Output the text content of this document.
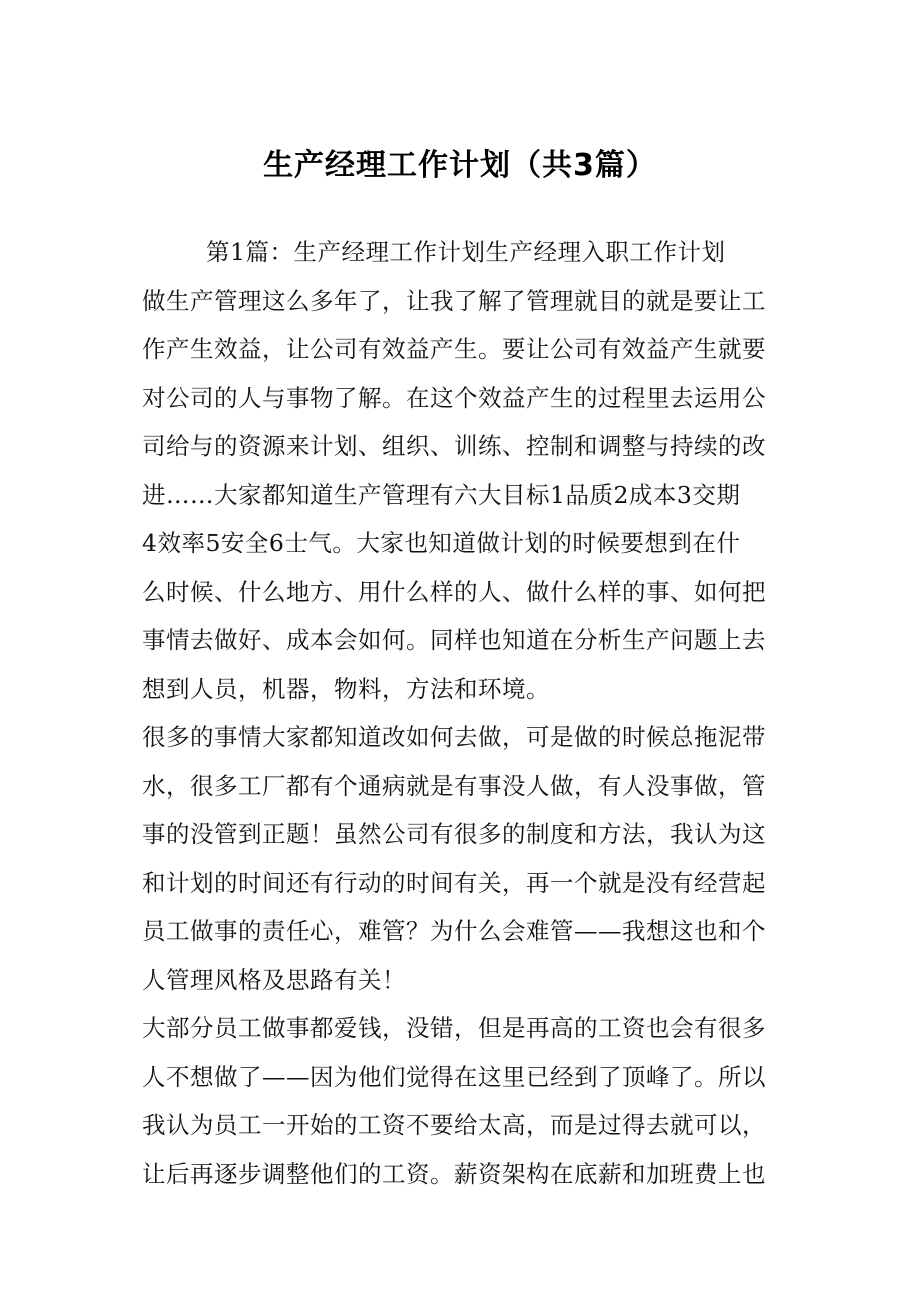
生产经理工作计划（共3篇）
第1篇：生产经理工作计划生产经理入职工作计划
做生产管理这么多年了，让我了解了管理就目的就是要让工
作产生效益，让公司有效益产生。要让公司有效益产生就要
对公司的人与事物了解。在这个效益产生的过程里去运用公
司给与的资源来计划、组织、训练、控制和调整与持续的改
进……大家都知道生产管理有六大目标1品质2成本3交期
4效率5安全6士气。大家也知道做计划的时候要想到在什
么时候、什么地方、用什么样的人、做什么样的事、如何把
事情去做好、成本会如何。同样也知道在分析生产问题上去
想到人员，机器，物料，方法和环境。
很多的事情大家都知道改如何去做，可是做的时候总拖泥带
水，很多工厂都有个通病就是有事没人做，有人没事做，管
事的没管到正题！虽然公司有很多的制度和方法，我认为这
和计划的时间还有行动的时间有关，再一个就是没有经营起
员工做事的责任心，难管？为什么会难管——我想这也和个
人管理风格及思路有关！
大部分员工做事都爱钱，没错，但是再高的工资也会有很多
人不想做了——因为他们觉得在这里已经到了顶峰了。所以
我认为员工一开始的工资不要给太高，而是过得去就可以，
让后再逐步调整他们的工资。薪资架构在底薪和加班费上也
